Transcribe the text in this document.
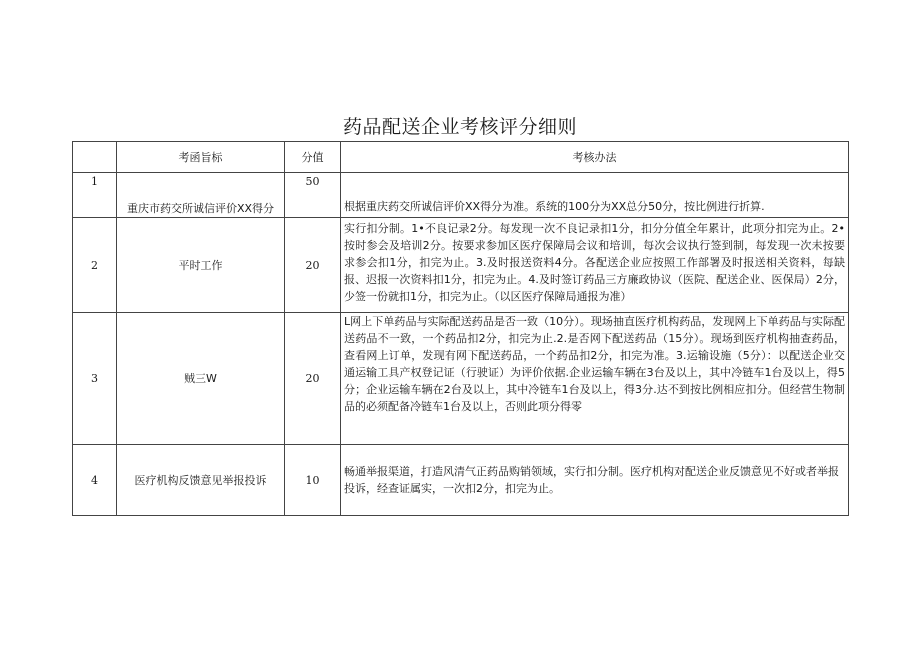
药品配送企业考核评分细则
	考函旨标	分值	考核办法
1	重庆市药交所诚信评价XX得分	50	根据重庆药交所诚信评价XX得分为准。系统的100分为XX总分50分，按比例进行折算.
2	平时工作	20	实行扣分制。1•不良记录2分。每发现一次不良记录扣1分，扣分分值全年累计，此项分扣完为止。2•按时参会及培训2分。按要求参加区医疗保障局会议和培训，每次会议执行签到制，每发现一次未按要求参会扣1分，扣完为止。3.及时报送资料4分。各配送企业应按照工作部署及时报送相关资料，每缺报、迟报一次资料扣1分，扣完为止。4.及时签订药品三方廉政协议（医院、配送企业、医保局）2分，少签一份就扣1分，扣完为止。（以区医疗保障局通报为准）
3	贼三W	20	L网上下单药品与实际配送药品是否一致（10分）。现场抽直医疗机构药品，发现网上下单药品与实际配送药品不一致，一个药品扣2分，扣完为止.2.是否网下配送药品（15分）。现场到医疗机构抽查药品，查看网上订单，发现有网下配送药品，一个药品扣2分，扣完为准。3.运输设施（5分）：以配送企业交通运输工具产权登记证（行驶证）为评价依据.企业运输车辆在3台及以上，其中冷链车1台及以上，得5分；企业运输车辆在2台及以上，其中冷链车1台及以上，得3分.达不到按比例相应扣分。但经营生物制品的必须配备冷链车1台及以上，否则此项分得零
4	医疗机构反馈意见举报投诉	10	畅通举报渠道，打造风清气正药品购销领域，实行扣分制。医疗机构对配送企业反馈意见不好或者举报投诉，经查证属实，一次扣2分，扣完为止。
